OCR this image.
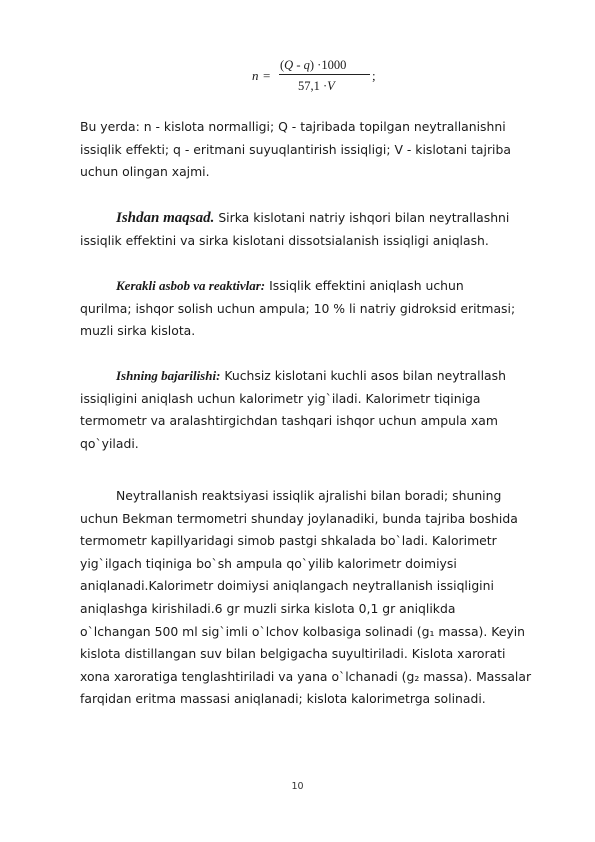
n =
(Q - q) ·1000
57,1 ·V
;
Bu yerda: n - kislota normalligi; Q - tajribada topilgan neytrallanishni
issiqlik effekti; q - eritmani suyuqlantirish issiqligi; V - kislotani tajriba
uchun olingan xajmi.
Ishdan maqsad. Sirka kislotani natriy ishqori bilan neytrallashni
issiqlik effektini va sirka kislotani dissotsialanish issiqligi aniqlash.
Kerakli asbob va reaktivlar: Issiqlik effektini aniqlash uchun
qurilma; ishqor solish uchun ampula; 10 % li natriy gidroksid eritmasi;
muzli sirka kislota.
Ishning bajarilishi: Kuchsiz kislotani kuchli asos bilan neytrallash
issiqligini aniqlash uchun kalorimetr yig`iladi. Kalorimetr tiqiniga
termometr va aralashtirgichdan tashqari ishqor uchun ampula xam
qo`yiladi.
Neytrallanish reaktsiyasi issiqlik ajralishi bilan boradi; shuning
uchun Bekman termometri shunday joylanadiki, bunda tajriba boshida
termometr kapillyaridagi simob pastgi shkalada bo`ladi. Kalorimetr
yig`ilgach tiqiniga bo`sh ampula qo`yilib kalorimetr doimiysi
aniqlanadi.Kalorimetr doimiysi aniqlangach neytrallanish issiqligini
aniqlashga kirishiladi.6 gr muzli sirka kislota 0,1 gr aniqlikda
o`lchangan 500 ml sig`imli o`lchov kolbasiga solinadi (g₁ massa). Keyin
kislota distillangan suv bilan belgigacha suyultiriladi. Kislota xarorati
xona xaroratiga tenglashtiriladi va yana o`lchanadi (g₂ massa). Massalar
farqidan eritma massasi aniqlanadi; kislota kalorimetrga solinadi.
10
